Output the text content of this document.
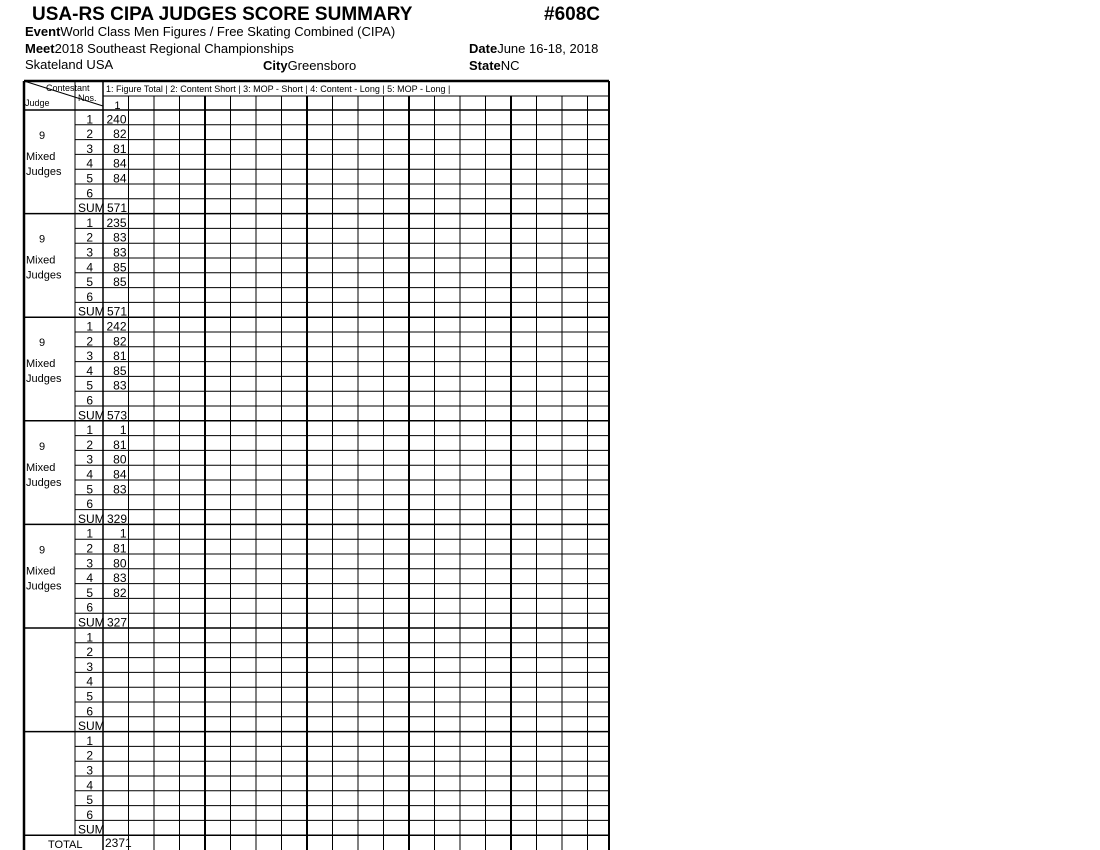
USA-RS CIPA JUDGES SCORE SUMMARY	#608C
EventWorld Class Men Figures / Free Skating Combined (CIPA)
Meet2018 Southeast Regional Championships	DateJune 16-18, 2018
Skateland USA	CityGreensboro	StateNC
Contestant
Nos.
Judge
1: Figure Total | 2: Content Short | 3: MOP - Short | 4: Content - Long | 5: MOP - Long |
1
9
Mixed
Judges
1 240
2 82
3 81
4 84
5 84
6
SUM 571
9
Mixed
Judges
1 235
2 83
3 83
4 85
5 85
6
SUM 571
9
Mixed
Judges
1 242
2 82
3 81
4 85
5 83
6
SUM 573
9
Mixed
Judges
1 1
2 81
3 80
4 84
5 83
6
SUM 329
9
Mixed
Judges
1 1
2 81
3 80
4 83
5 82
6
SUM 327
1
2
3
4
5
6
SUM
1
2
3
4
5
6
SUM
TOTAL 2371
